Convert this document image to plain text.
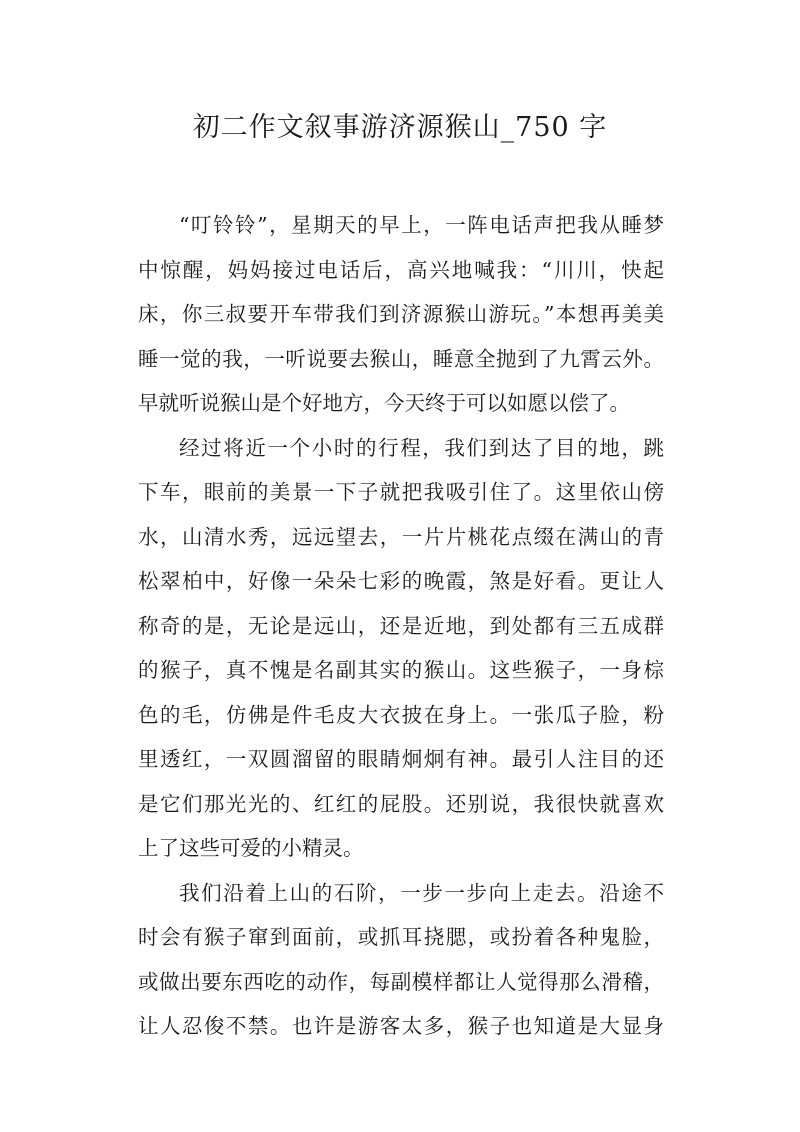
初二作文叙事游济源猴山_750 字
“叮铃铃”，星期天的早上，一阵电话声把我从睡梦
中惊醒，妈妈接过电话后，高兴地喊我：“川川，快起
床，你三叔要开车带我们到济源猴山游玩。”本想再美美
睡一觉的我，一听说要去猴山，睡意全抛到了九霄云外。
早就听说猴山是个好地方，今天终于可以如愿以偿了。
经过将近一个小时的行程，我们到达了目的地，跳
下车，眼前的美景一下子就把我吸引住了。这里依山傍
水，山清水秀，远远望去，一片片桃花点缀在满山的青
松翠柏中，好像一朵朵七彩的晚霞，煞是好看。更让人
称奇的是，无论是远山，还是近地，到处都有三五成群
的猴子，真不愧是名副其实的猴山。这些猴子，一身棕
色的毛，仿佛是件毛皮大衣披在身上。一张瓜子脸，粉
里透红，一双圆溜留的眼睛炯炯有神。最引人注目的还
是它们那光光的、红红的屁股。还别说，我很快就喜欢
上了这些可爱的小精灵。
我们沿着上山的石阶，一步一步向上走去。沿途不
时会有猴子窜到面前，或抓耳挠腮，或扮着各种鬼脸，
或做出要东西吃的动作，每副模样都让人觉得那么滑稽，
让人忍俊不禁。也许是游客太多，猴子也知道是大显身
